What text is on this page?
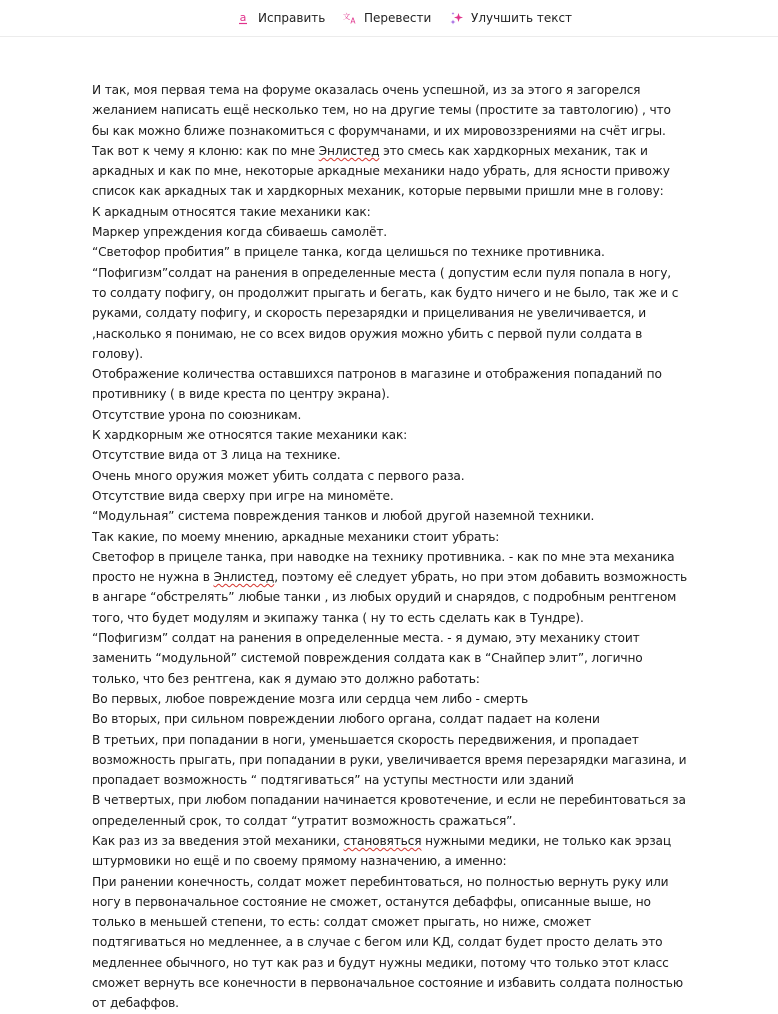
a Исправить 文 A Перевести	Улучшить текст

И так, моя первая тема на форуме оказалась очень успешной, из за этого я загорелся желанием написать ещё несколько тем, но на другие темы (простите за тавтологию) , что бы как можно ближе познакомиться с форумчанами, и их мировоззрениями на счёт игры. Так вот к чему я клоню: как по мне Энлистед это смесь как хардкорных механик, так и аркадных и как по мне, некоторые аркадные механики надо убрать, для ясности привожу список как аркадных так и хардкорных механик, которые первыми пришли мне в голову:

К аркадным относятся такие механики как:

Маркер упреждения когда сбиваешь самолёт.

“Светофор пробития” в прицеле танка, когда целишься по технике противника.

“Пофигизм”солдат на ранения в определенные места ( допустим если пуля попала в ногу, то солдату пофигу, он продолжит прыгать и бегать, как будто ничего и не было, так же и с руками, солдату пофигу, и скорость перезарядки и прицеливания не увеличивается, и ,насколько я понимаю, не со всех видов оружия можно убить с первой пули солдата в голову).

Отображение количества оставшихся патронов в магазине и отображения попаданий по противнику ( в виде креста по центру экрана).

Отсутствие урона по союзникам.

К хардкорным же относятся такие механики как:

Отсутствие вида от 3 лица на технике.

Очень много оружия может убить солдата с первого раза.

Отсутствие вида сверху при игре на миномёте.

“Модульная” система повреждения танков и любой другой наземной техники.

Так какие, по моему мнению, аркадные механики стоит убрать:

Светофор в прицеле танка, при наводке на технику противника. - как по мне эта механика просто не нужна в Энлистед, поэтому её следует убрать, но при этом добавить возможность в ангаре “обстрелять” любые танки , из любых орудий и снарядов, с подробным рентгеном того, что будет модулям и экипажу танка ( ну то есть сделать как в Тундре).

“Пофигизм” солдат на ранения в определенные места. - я думаю, эту механику стоит заменить “модульной” системой повреждения солдата как в “Снайпер элит”, логично только, что без рентгена, как я думаю это должно работать:

Во первых, любое повреждение мозга или сердца чем либо - смерть

Во вторых, при сильном повреждении любого органа, солдат падает на колени

В третьих, при попадании в ноги, уменьшается скорость передвижения, и пропадает возможность прыгать, при попадании в руки, увеличивается время перезарядки магазина, и пропадает возможность “ подтягиваться” на уступы местности или зданий

В четвертых, при любом попадании начинается кровотечение, и если не перебинтоваться за определенный срок, то солдат “утратит возможность сражаться”.

Как раз из за введения этой механики, становяться нужными медики, не только как эрзац штурмовики но ещё и по своему прямому назначению, а именно:

При ранении конечность, солдат может перебинтоваться, но полностью вернуть руку или ногу в первоначальное состояние не сможет, останутся дебаффы, описанные выше, но только в меньшей степени, то есть: солдат сможет прыгать, но ниже, сможет подтягиваться но медленнее, а в случае с бегом или КД, солдат будет просто делать это медленнее обычного, но тут как раз и будут нужны медики, потому что только этот класс сможет вернуть все конечности в первоначальное состояние и избавить солдата полностью от дебаффов.
